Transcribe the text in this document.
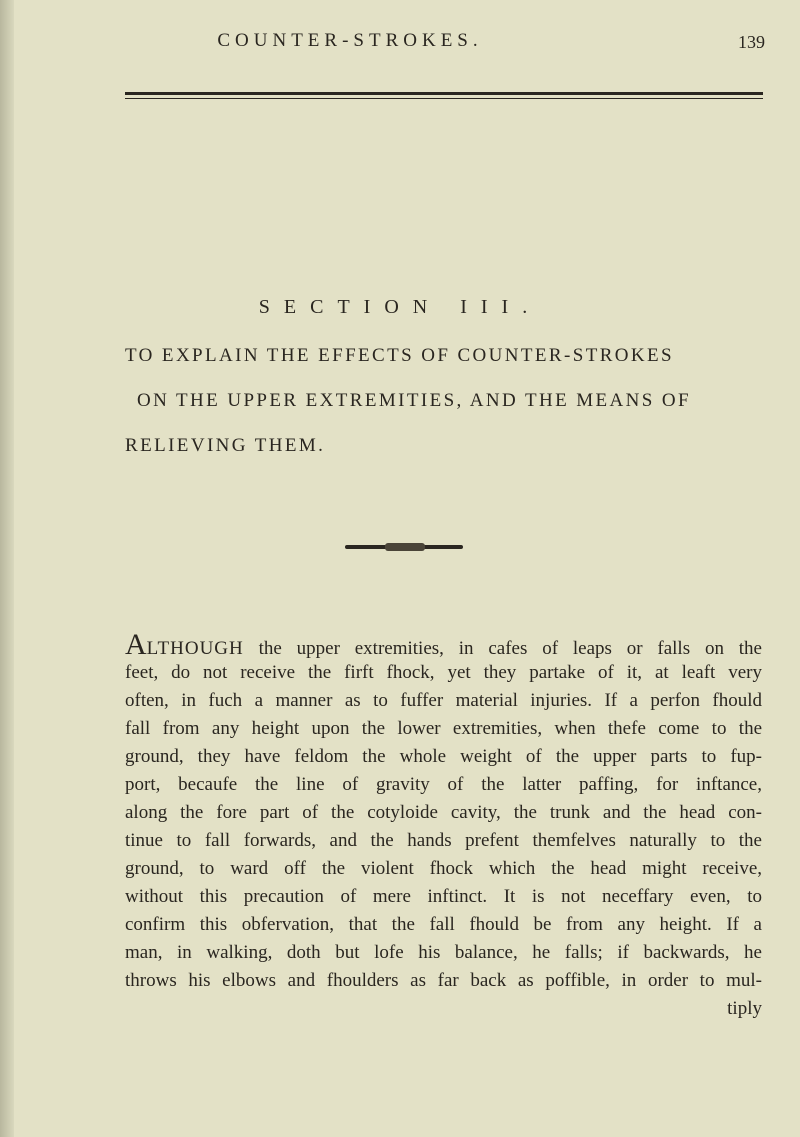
COUNTER-STROKES.	139
SECTION III.
TO EXPLAIN THE EFFECTS OF COUNTER-STROKES
ON THE UPPER EXTREMITIES, AND THE MEANS OF
RELIEVING THEM.
ALTHOUGH the upper extremities, in cafes of leaps or falls on the
feet, do not receive the firft fhock, yet they partake of it, at leaft very
often, in fuch a manner as to fuffer material injuries. If a perfon fhould
fall from any height upon the lower extremities, when thefe come to the
ground, they have feldom the whole weight of the upper parts to fup-
port, becaufe the line of gravity of the latter paffing, for inftance,
along the fore part of the cotyloide cavity, the trunk and the head con-
tinue to fall forwards, and the hands prefent themfelves naturally to the
ground, to ward off the violent fhock which the head might receive,
without this precaution of mere inftinct. It is not neceffary even, to
confirm this obfervation, that the fall fhould be from any height. If a
man, in walking, doth but lofe his balance, he falls; if backwards, he
throws his elbows and fhoulders as far back as poffible, in order to mul-
tiply
